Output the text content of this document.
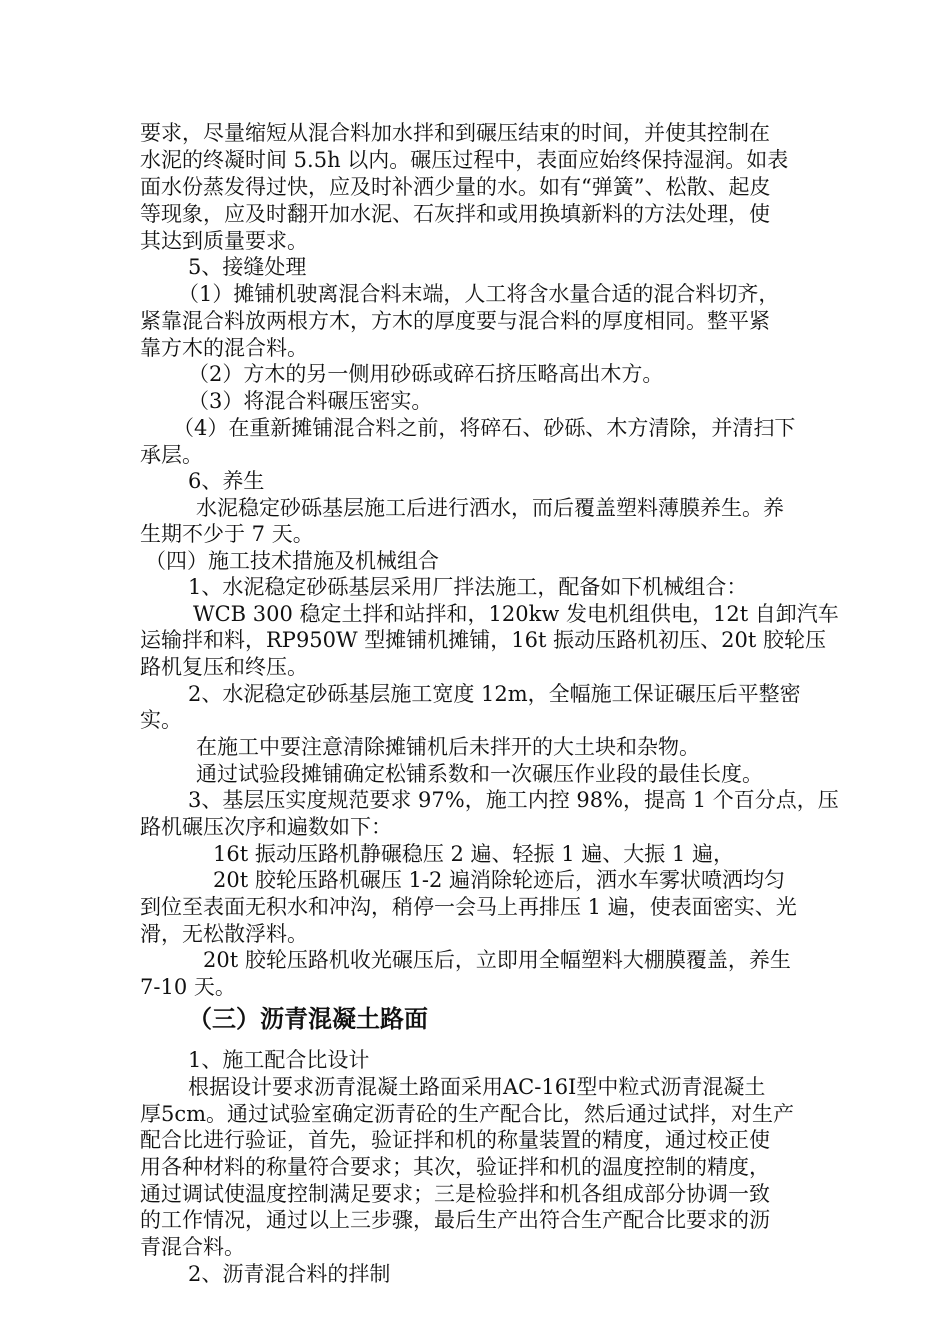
要求，尽量缩短从混合料加水拌和到碾压结束的时间，并使其控制在
水泥的终凝时间 5.5h 以内。碾压过程中，表面应始终保持湿润。如表
面水份蒸发得过快，应及时补洒少量的水。如有“弹簧”、松散、起皮
等现象，应及时翻开加水泥、石灰拌和或用换填新料的方法处理，使
其达到质量要求。
5、接缝处理
（1）摊铺机驶离混合料末端，人工将含水量合适的混合料切齐，
紧靠混合料放两根方木，方木的厚度要与混合料的厚度相同。整平紧
靠方木的混合料。
（2）方木的另一侧用砂砾或碎石挤压略高出木方。
（3）将混合料碾压密实。
（4）在重新摊铺混合料之前，将碎石、砂砾、木方清除，并清扫下
承层。
6、养生
水泥稳定砂砾基层施工后进行洒水，而后覆盖塑料薄膜养生。养
生期不少于 7 天。
（四）施工技术措施及机械组合
1、水泥稳定砂砾基层采用厂拌法施工，配备如下机械组合：
WCB 300 稳定土拌和站拌和，120kw 发电机组供电，12t 自卸汽车
运输拌和料，RP950W 型摊铺机摊铺，16t 振动压路机初压、20t 胶轮压
路机复压和终压。
2、水泥稳定砂砾基层施工宽度 12m，全幅施工保证碾压后平整密
实。
在施工中要注意清除摊铺机后未拌开的大土块和杂物。
通过试验段摊铺确定松铺系数和一次碾压作业段的最佳长度。
3、基层压实度规范要求 97%，施工内控 98%，提高 1 个百分点，压
路机碾压次序和遍数如下：
16t 振动压路机静碾稳压 2 遍、轻振 1 遍、大振 1 遍，
20t 胶轮压路机碾压 1-2 遍消除轮迹后，洒水车雾状喷洒均匀
到位至表面无积水和冲沟，稍停一会马上再排压 1 遍，使表面密实、光
滑，无松散浮料。
20t 胶轮压路机收光碾压后，立即用全幅塑料大棚膜覆盖，养生
7-10 天。
（三）沥青混凝土路面
1、施工配合比设计
根据设计要求沥青混凝土路面采用AC-16Ⅰ型中粒式沥青混凝土
厚5cm。通过试验室确定沥青砼的生产配合比，然后通过试拌，对生产
配合比进行验证，首先，验证拌和机的称量装置的精度，通过校正使
用各种材料的称量符合要求；其次，验证拌和机的温度控制的精度，
通过调试使温度控制满足要求；三是检验拌和机各组成部分协调一致
的工作情况，通过以上三步骤，最后生产出符合生产配合比要求的沥
青混合料。
2、沥青混合料的拌制
